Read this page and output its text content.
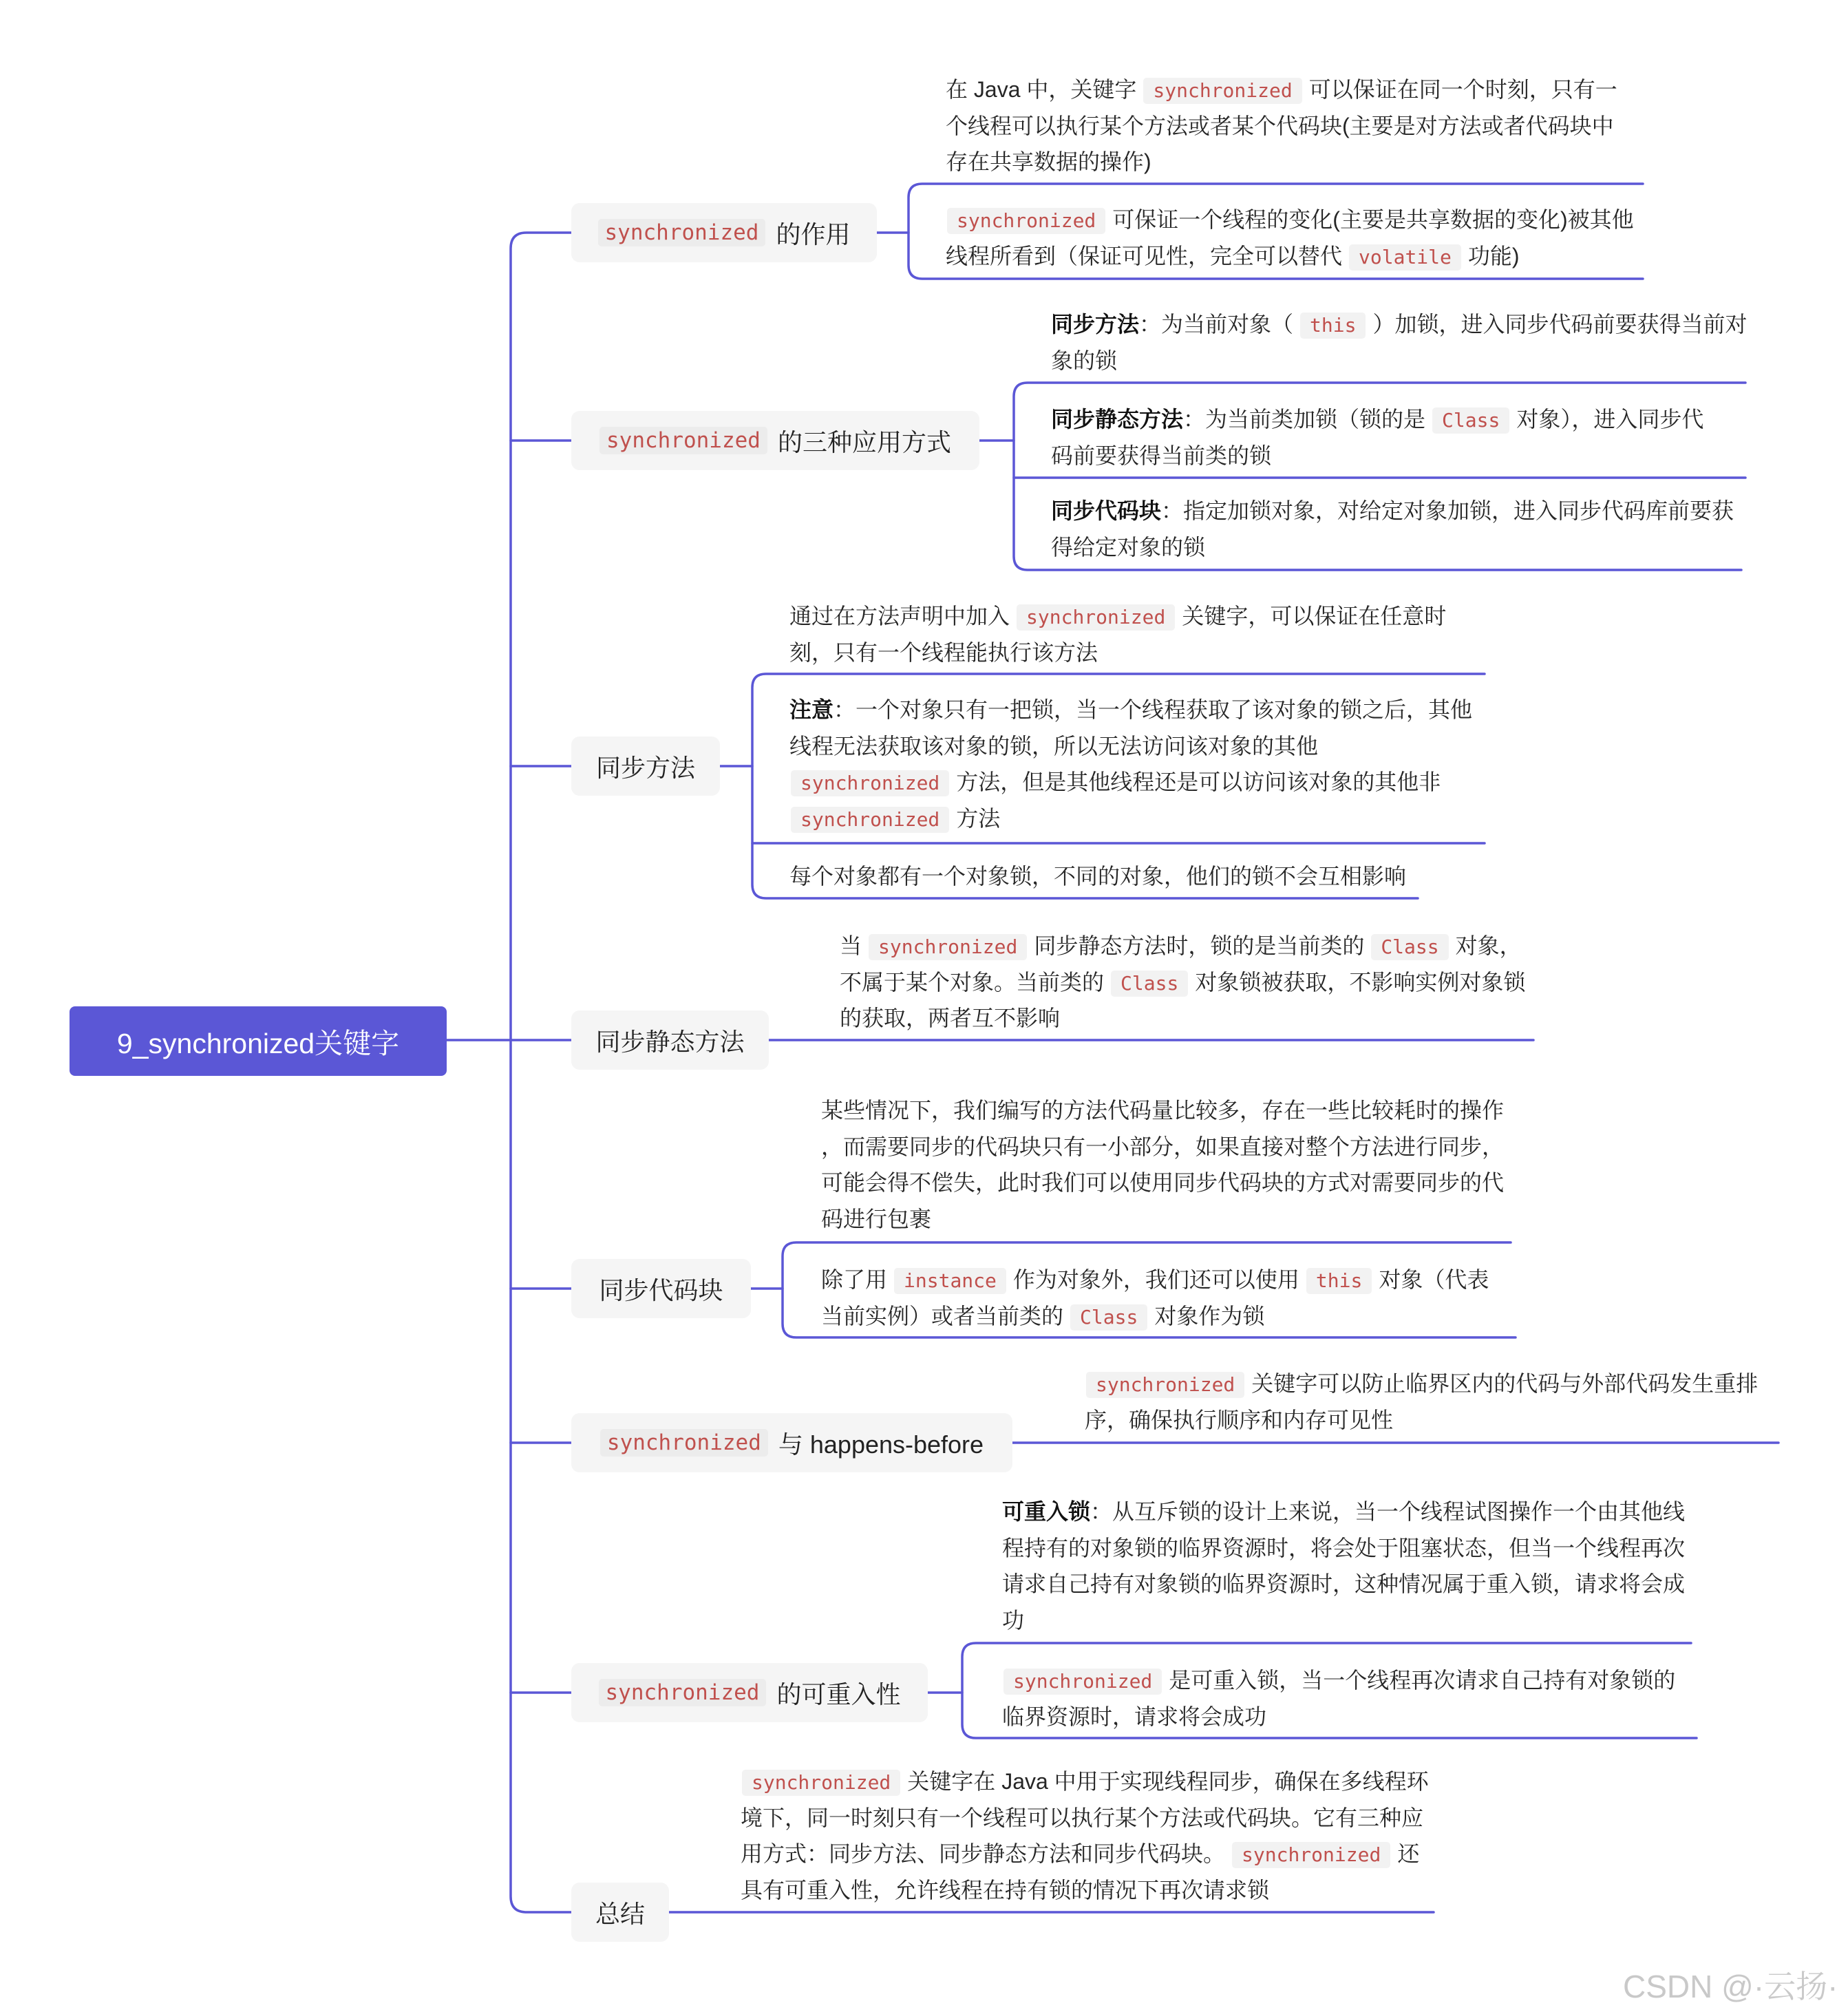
9_synchronized关键字
synchronized 的作用
synchronized 的三种应用方式
同步方法
同步静态方法
同步代码块
synchronized 与 happens-before
synchronized 的可重入性
总结
在 Java 中，关键字 synchronized 可以保证在同一个时刻，只有一
个线程可以执行某个方法或者某个代码块(主要是对方法或者代码块中
存在共享数据的操作)
synchronized 可保证一个线程的变化(主要是共享数据的变化)被其他
线程所看到（保证可见性，完全可以替代 volatile 功能)
同步方法：为当前对象（ this ）加锁，进入同步代码前要获得当前对
象的锁
同步静态方法：为当前类加锁（锁的是 Class 对象），进入同步代
码前要获得当前类的锁
同步代码块：指定加锁对象，对给定对象加锁，进入同步代码库前要获
得给定对象的锁
通过在方法声明中加入 synchronized 关键字，可以保证在任意时
刻，只有一个线程能执行该方法
注意：一个对象只有一把锁，当一个线程获取了该对象的锁之后，其他
线程无法获取该对象的锁，所以无法访问该对象的其他
synchronized 方法，但是其他线程还是可以访问该对象的其他非
synchronized 方法
每个对象都有一个对象锁，不同的对象，他们的锁不会互相影响
当 synchronized 同步静态方法时，锁的是当前类的 Class 对象，
不属于某个对象。当前类的 Class 对象锁被获取，不影响实例对象锁
的获取，两者互不影响
某些情况下，我们编写的方法代码量比较多，存在一些比较耗时的操作
，而需要同步的代码块只有一小部分，如果直接对整个方法进行同步，
可能会得不偿失，此时我们可以使用同步代码块的方式对需要同步的代
码进行包裹
除了用 instance 作为对象外，我们还可以使用 this 对象（代表
当前实例）或者当前类的 Class 对象作为锁
synchronized 关键字可以防止临界区内的代码与外部代码发生重排
序，确保执行顺序和内存可见性
可重入锁：从互斥锁的设计上来说，当一个线程试图操作一个由其他线
程持有的对象锁的临界资源时，将会处于阻塞状态，但当一个线程再次
请求自己持有对象锁的临界资源时，这种情况属于重入锁，请求将会成
功
synchronized 是可重入锁，当一个线程再次请求自己持有对象锁的
临界资源时，请求将会成功
synchronized 关键字在 Java 中用于实现线程同步，确保在多线程环
境下，同一时刻只有一个线程可以执行某个方法或代码块。它有三种应
用方式：同步方法、同步静态方法和同步代码块。 synchronized 还
具有可重入性，允许线程在持有锁的情况下再次请求锁
CSDN @·云扬·
